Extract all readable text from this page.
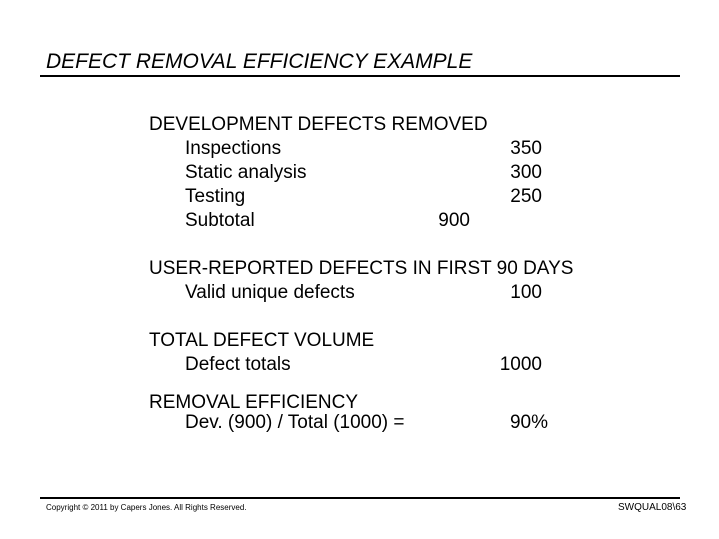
DEFECT REMOVAL EFFICIENCY EXAMPLE
DEVELOPMENT DEFECTS REMOVED
Inspections	350
Static analysis	300
Testing	250
Subtotal	900
USER-REPORTED DEFECTS IN FIRST 90 DAYS
Valid unique defects	100
TOTAL DEFECT VOLUME
Defect totals	1000
REMOVAL EFFICIENCY
Dev. (900) / Total (1000) =	90%
Copyright © 2011 by Capers Jones. All Rights Reserved.	SWQUAL08\63
